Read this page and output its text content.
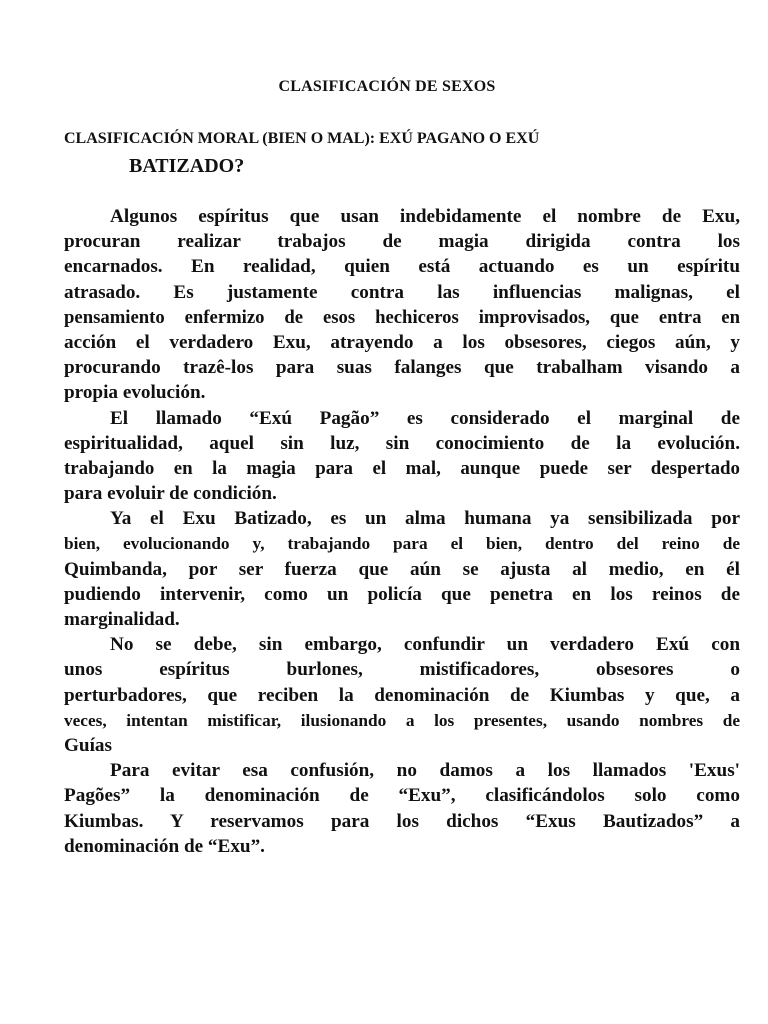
CLASIFICACIÓN DE SEXOS
CLASIFICACIÓN MORAL (BIEN O MAL): EXÚ PAGANO O EXÚ
BATIZADO?
Algunos espíritus que usan indebidamente el nombre de Exu,
procuran realizar trabajos de magia dirigida contra los
encarnados. En realidad, quien está actuando es un espíritu
atrasado. Es justamente contra las influencias malignas, el
pensamiento enfermizo de esos hechiceros improvisados, que entra en
acción el verdadero Exu, atrayendo a los obsesores, ciegos aún, y
procurando trazê-los para suas falanges que trabalham visando a
propia evolución.
El llamado “Exú Pagão” es considerado el marginal de
espiritualidad, aquel sin luz, sin conocimiento de la evolución.
trabajando en la magia para el mal, aunque puede ser despertado
para evoluir de condición.
Ya el Exu Batizado, es un alma humana ya sensibilizada por
bien, evolucionando y, trabajando para el bien, dentro del reino de
Quimbanda, por ser fuerza que aún se ajusta al medio, en él
pudiendo intervenir, como un policía que penetra en los reinos de
marginalidad.
No se debe, sin embargo, confundir un verdadero Exú con
unos espíritus burlones, mistificadores, obsesores o
perturbadores, que reciben la denominación de Kiumbas y que, a
veces, intentan mistificar, ilusionando a los presentes, usando nombres de
Guías
Para evitar esa confusión, no damos a los llamados 'Exus'
Pagões” la denominación de “Exu”, clasificándolos solo como
Kiumbas. Y reservamos para los dichos “Exus Bautizados” a
denominación de “Exu”.
